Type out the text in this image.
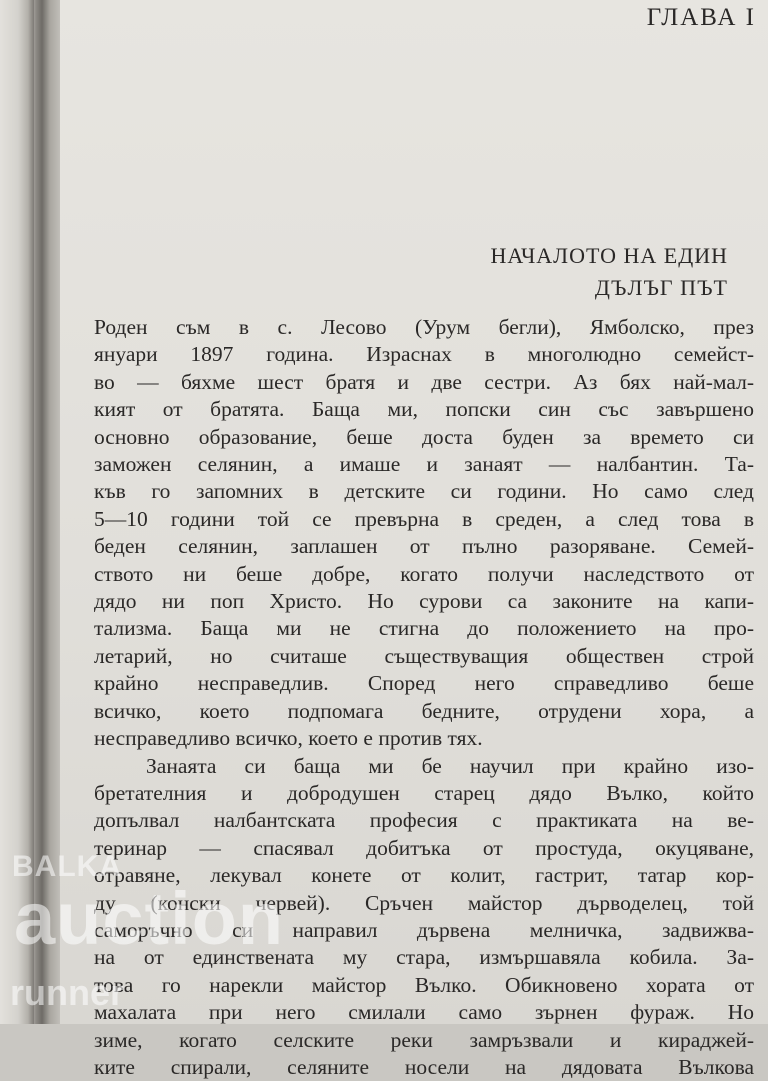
ГЛАВА I
НАЧАЛОТО НА ЕДИН
ДЪЛЪГ ПЪТ
Роден съм в с. Лесово (Урум бегли), Ямболско, през
януари 1897 година. Израснах в многолюдно семейст-
во — бяхме шест братя и две сестри. Аз бях най-мал-
кият от братята. Баща ми, попски син със завършено
основно образование, беше доста буден за времето си
заможен селянин, а имаше и занаят — налбантин. Та-
къв го запомних в детските си години. Но само след
5—10 години той се превърна в среден, а след това в
беден селянин, заплашен от пълно разоряване. Семей-
ството ни беше добре, когато получи наследството от
дядо ни поп Христо. Но сурови са законите на капи-
тализма. Баща ми не стигна до положението на про-
летарий, но считаше съществуващия обществен строй
крайно несправедлив. Според него справедливо беше
всичко, което подпомага бедните, отрудени хора, а
несправедливо всичко, което е против тях.
Занаята си баща ми бе научил при крайно изо-
бретателния и добродушен старец дядо Вълко, който
допълвал налбантската професия с практиката на ве-
теринар — спасявал добитъка от простуда, окуцяване,
отравяне, лекувал конете от колит, гастрит, татар кор-
ду (конски червей). Сръчен майстор дърводелец, той
саморъчно си направил дървена мелничка, задвижва-
на от единствената му стара, измършавяла кобила. За-
това го нарекли майстор Вълко. Обикновено хората от
махалата при него смилали само зърнен фураж. Но
зиме, когато селските реки замръзвали и кираджей-
ките спирали, селяните носели на дядовата Вълкова
BALKA
auction
runner
